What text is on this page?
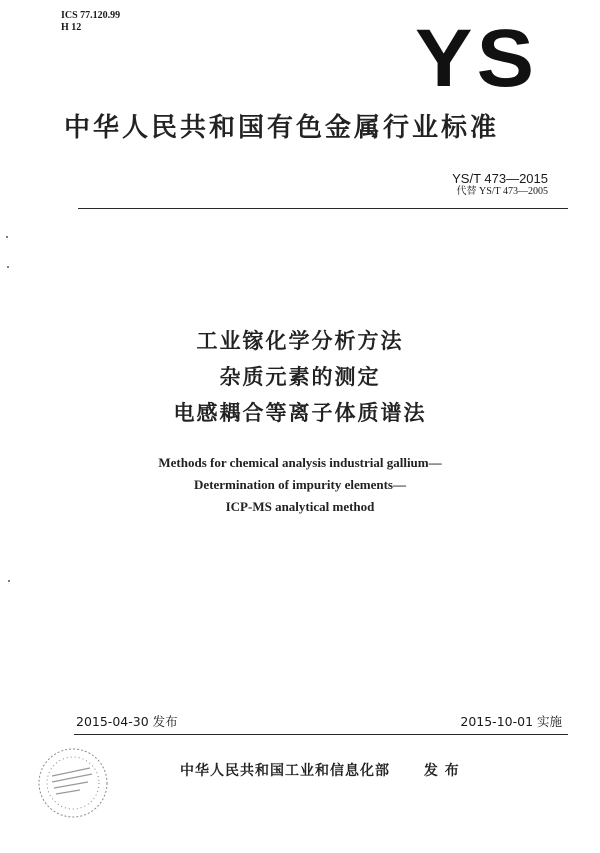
ICS 77.120.99
H 12	YS
中华人民共和国有色金属行业标准
YS/T 473—2015
代替 YS/T 473—2005
工业镓化学分析方法
杂质元素的测定
电感耦合等离子体质谱法
Methods for chemical analysis industrial gallium—
Determination of impurity elements—
ICP-MS analytical method
2015-04-30 发布	2015-10-01 实施
中华人民共和国工业和信息化部 发 布
